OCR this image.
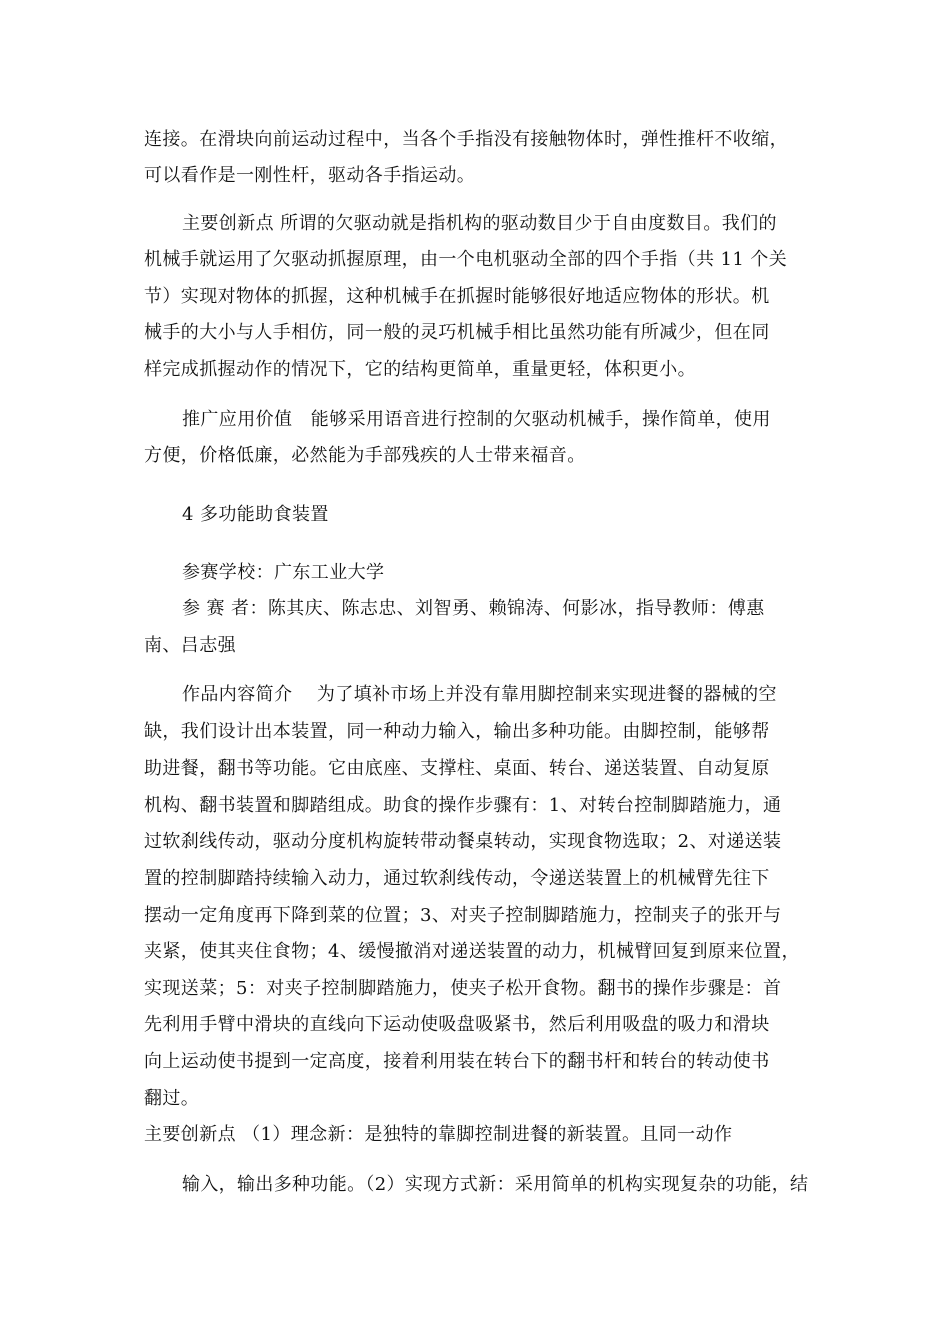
连接。在滑块向前运动过程中，当各个手指没有接触物体时，弹性推杆不收缩，
可以看作是一刚性杆，驱动各手指运动。
主要创新点 所谓的欠驱动就是指机构的驱动数目少于自由度数目。我们的
机械手就运用了欠驱动抓握原理，由一个电机驱动全部的四个手指（共 11 个关
节）实现对物体的抓握，这种机械手在抓握时能够很好地适应物体的形状。机
械手的大小与人手相仿，同一般的灵巧机械手相比虽然功能有所减少，但在同
样完成抓握动作的情况下，它的结构更简单，重量更轻，体积更小。
推广应用价值　能够采用语音进行控制的欠驱动机械手，操作简单，使用
方便，价格低廉，必然能为手部残疾的人士带来福音。
4 多功能助食装置
参赛学校：广东工业大学
参 赛 者：陈其庆、陈志忠、刘智勇、赖锦涛、何影冰，指导教师：傅惠
南、吕志强
作品内容简介　 为了填补市场上并没有靠用脚控制来实现进餐的器械的空
缺，我们设计出本装置，同一种动力输入，输出多种功能。由脚控制，能够帮
助进餐，翻书等功能。它由底座、支撑柱、桌面、转台、递送装置、自动复原
机构、翻书装置和脚踏组成。助食的操作步骤有：1、对转台控制脚踏施力，通
过软刹线传动，驱动分度机构旋转带动餐桌转动，实现食物选取；2、对递送装
置的控制脚踏持续输入动力，通过软刹线传动，令递送装置上的机械臂先往下
摆动一定角度再下降到菜的位置；3、对夹子控制脚踏施力，控制夹子的张开与
夹紧，使其夹住食物；4、缓慢撤消对递送装置的动力，机械臂回复到原来位置，
实现送菜；5：对夹子控制脚踏施力，使夹子松开食物。翻书的操作步骤是：首
先利用手臂中滑块的直线向下运动使吸盘吸紧书，然后利用吸盘的吸力和滑块
向上运动使书提到一定高度，接着利用装在转台下的翻书杆和转台的转动使书
翻过。
主要创新点 （1）理念新：是独特的靠脚控制进餐的新装置。且同一动作
输入，输出多种功能。（2）实现方式新：采用简单的机构实现复杂的功能，结
